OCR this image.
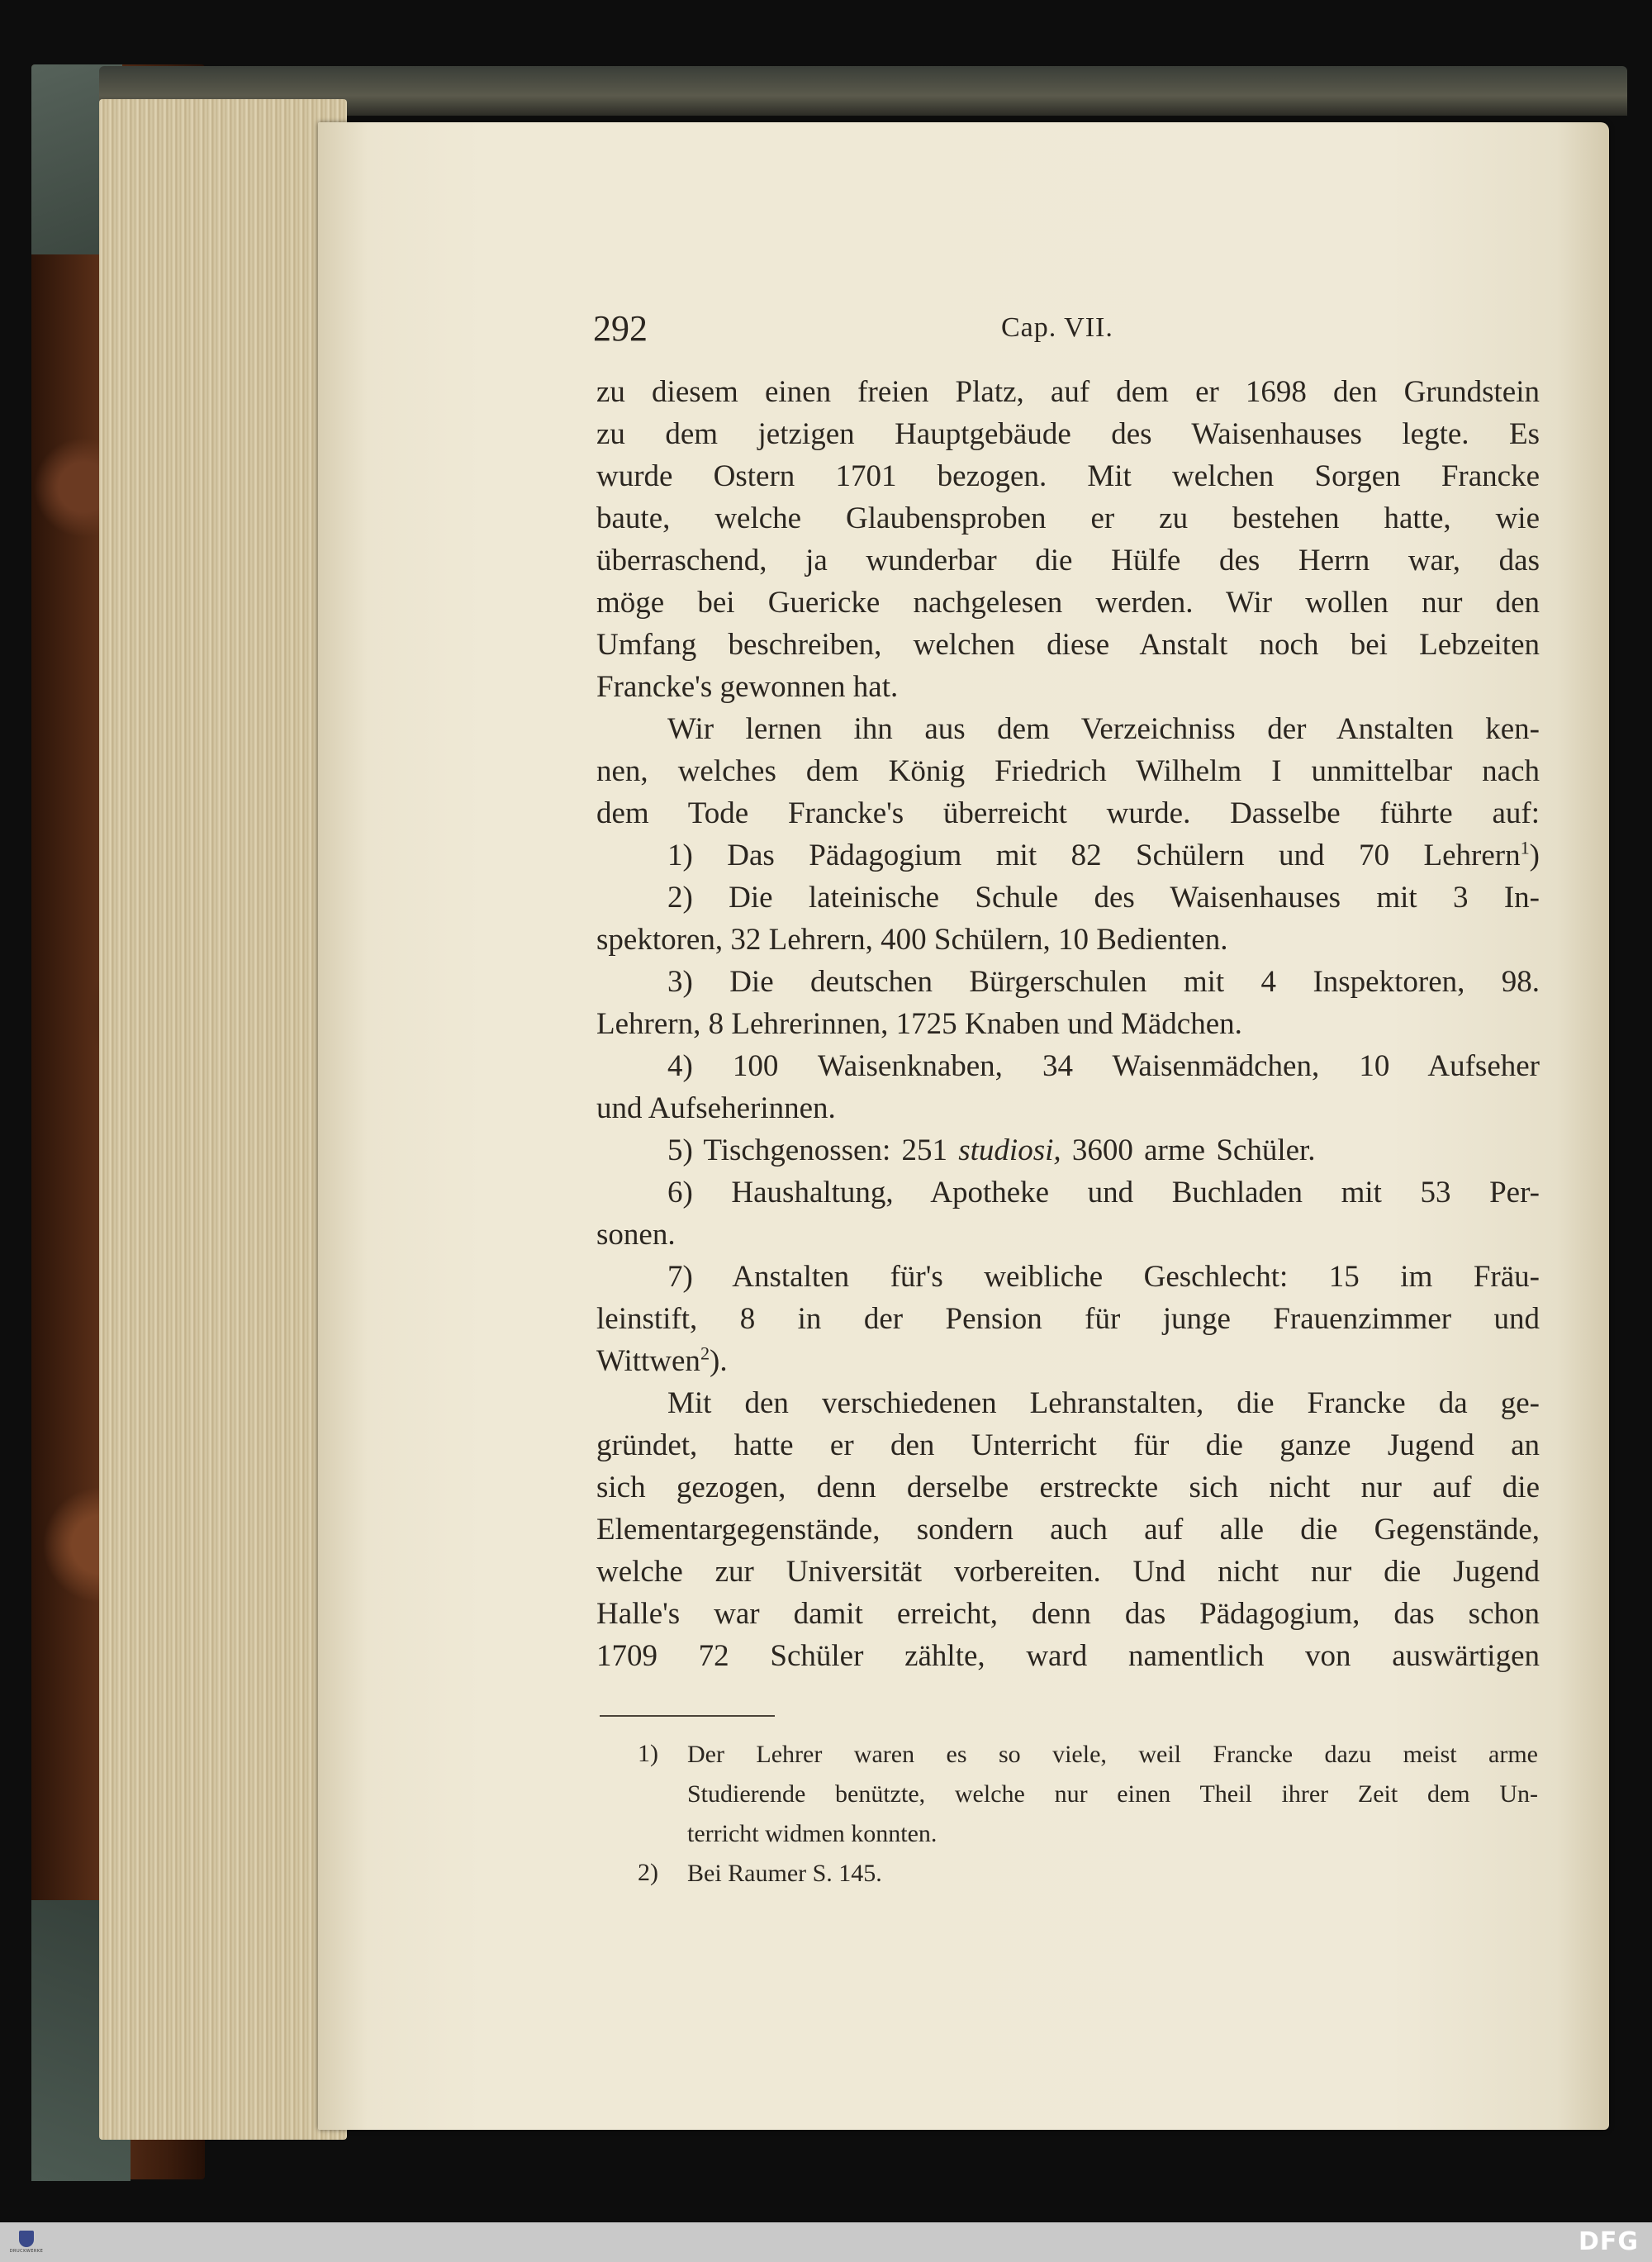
292	Cap. VII.
zu diesem einen freien Platz, auf dem er 1698 den Grundstein
zu dem jetzigen Hauptgebäude des Waisenhauses legte. Es
wurde Ostern 1701 bezogen. Mit welchen Sorgen Francke
baute, welche Glaubensproben er zu bestehen hatte, wie
überraschend, ja wunderbar die Hülfe des Herrn war, das
möge bei Guericke nachgelesen werden. Wir wollen nur den
Umfang beschreiben, welchen diese Anstalt noch bei Lebzeiten
Francke's gewonnen hat.
Wir lernen ihn aus dem Verzeichniss der Anstalten ken-
nen, welches dem König Friedrich Wilhelm I unmittelbar nach
dem Tode Francke's überreicht wurde. Dasselbe führte auf:
1) Das Pädagogium mit 82 Schülern und 70 Lehrern$^1$)
2) Die lateinische Schule des Waisenhauses mit 3 In-
spektoren, 32 Lehrern, 400 Schülern, 10 Bedienten.
3) Die deutschen Bürgerschulen mit 4 Inspektoren, 98.
Lehrern, 8 Lehrerinnen, 1725 Knaben und Mädchen.
4) 100 Waisenknaben, 34 Waisenmädchen, 10 Aufseher
und Aufseherinnen.
5) Tischgenossen: 251 studiosi, 3600 arme Schüler.
6) Haushaltung, Apotheke und Buchladen mit 53 Per-
sonen.
7) Anstalten für's weibliche Geschlecht: 15 im Fräu-
leinstift, 8 in der Pension für junge Frauenzimmer und
Wittwen$^2$).
Mit den verschiedenen Lehranstalten, die Francke da ge-
gründet, hatte er den Unterricht für die ganze Jugend an
sich gezogen, denn derselbe erstreckte sich nicht nur auf die
Elementargegenstände, sondern auch auf alle die Gegenstände,
welche zur Universität vorbereiten. Und nicht nur die Jugend
Halle's war damit erreicht, denn das Pädagogium, das schon
1709 72 Schüler zählte, ward namentlich von auswärtigen
1) Der Lehrer waren es so viele, weil Francke dazu meist arme
Studierende benützte, welche nur einen Theil ihrer Zeit dem Un-
terricht widmen konnten.
2) Bei Raumer S. 145.
DRUCKWERKE	DFG
